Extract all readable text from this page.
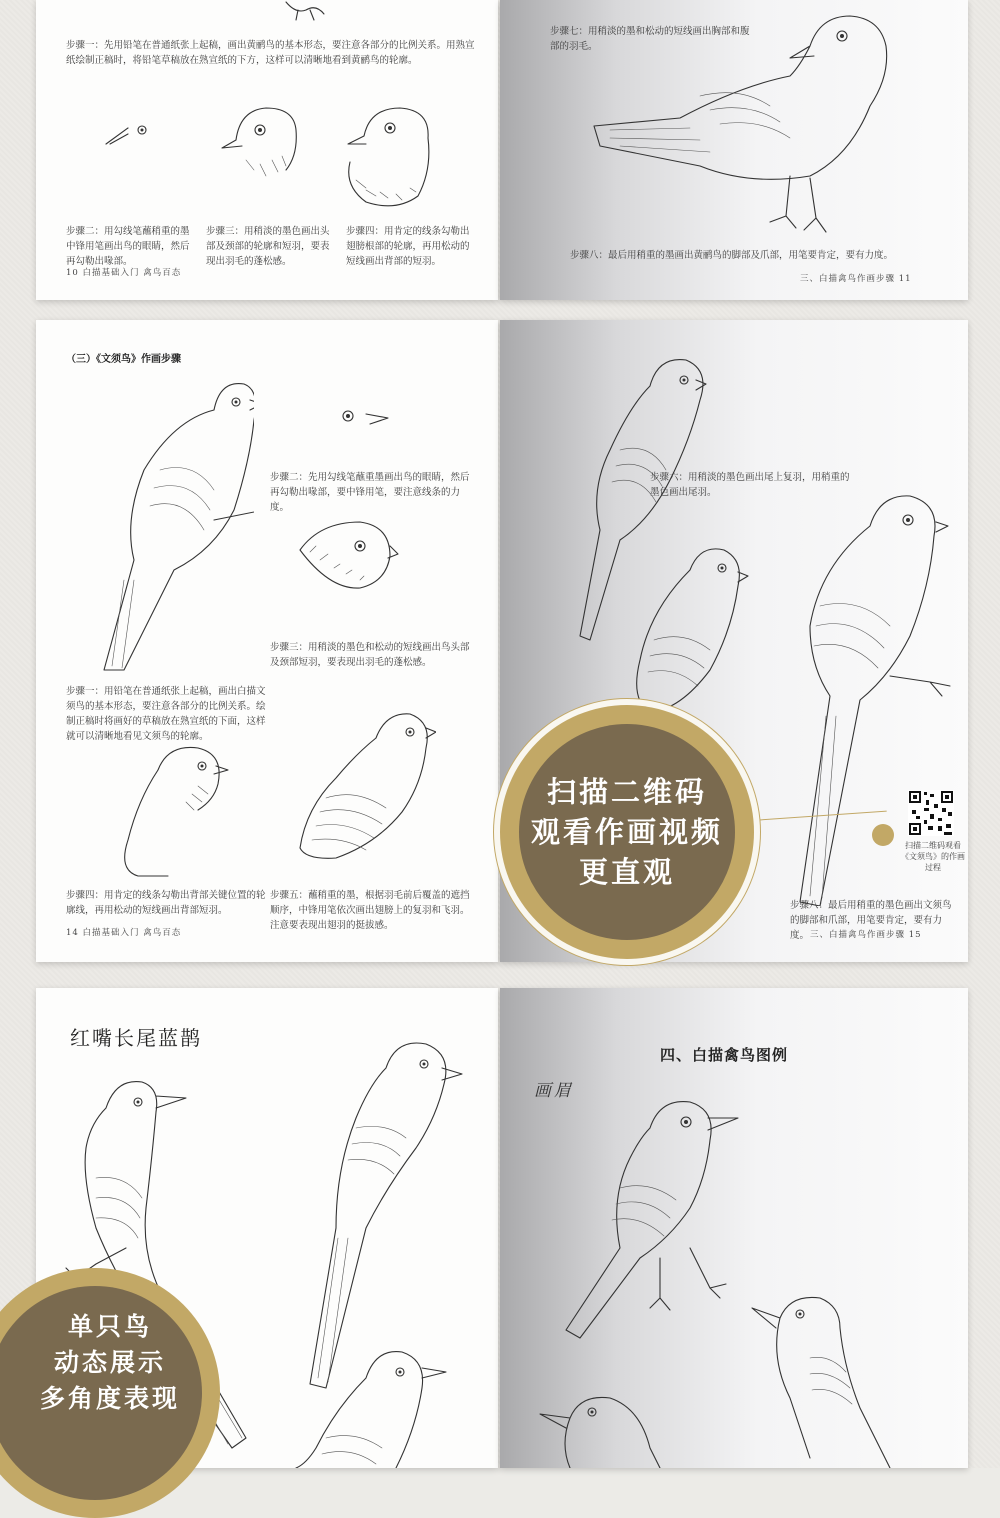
步骤一：先用铅笔在普通纸张上起稿，画出黄鹂鸟的基本形态，要注意各部分的比例关系。用熟宣纸绘制正稿时，将铅笔草稿放在熟宣纸的下方，这样可以清晰地看到黄鹂鸟的轮廓。
步骤二：用勾线笔蘸稍重的墨中锋用笔画出鸟的眼睛，然后再勾勒出喙部。
步骤三：用稍淡的墨色画出头部及颈部的轮廓和短羽，要表现出羽毛的蓬松感。
步骤四：用肯定的线条勾勒出翅膀根部的轮廓，再用松动的短线画出背部的短羽。
10 白描基础入门 禽鸟百态
步骤七：用稍淡的墨和松动的短线画出胸部和腹部的羽毛。
步骤八：最后用稍重的墨画出黄鹂鸟的脚部及爪部，用笔要肯定，要有力度。
三、白描禽鸟作画步骤 11
（三）《文须鸟》作画步骤
步骤二：先用勾线笔蘸重墨画出鸟的眼睛，然后再勾勒出喙部，要中锋用笔，要注意线条的力度。
步骤三：用稍淡的墨色和松动的短线画出鸟头部及颈部短羽，要表现出羽毛的蓬松感。
步骤一：用铅笔在普通纸张上起稿，画出白描文须鸟的基本形态，要注意各部分的比例关系。绘制正稿时将画好的草稿放在熟宣纸的下面，这样就可以清晰地看见文须鸟的轮廓。
步骤四：用肯定的线条勾勒出背部关键位置的轮廓线，再用松动的短线画出背部短羽。
步骤五：蘸稍重的墨，根据羽毛前后覆盖的遮挡顺序，中锋用笔依次画出翅膀上的复羽和飞羽。注意要表现出翅羽的挺拔感。
14 白描基础入门 禽鸟百态
步骤六：用稍淡的墨色画出尾上复羽，用稍重的墨色画出尾羽。
扫描二维码观看
《文须鸟》的作画过程
步骤八：最后用稍重的墨色画出文须鸟的脚部和爪部，用笔要肯定，要有力度。 三、白描禽鸟作画步骤 15
红嘴长尾蓝鹊
四、白描禽鸟图例
画眉
扫描二维码
观看作画视频
更直观
单只鸟
动态展示
多角度表现
